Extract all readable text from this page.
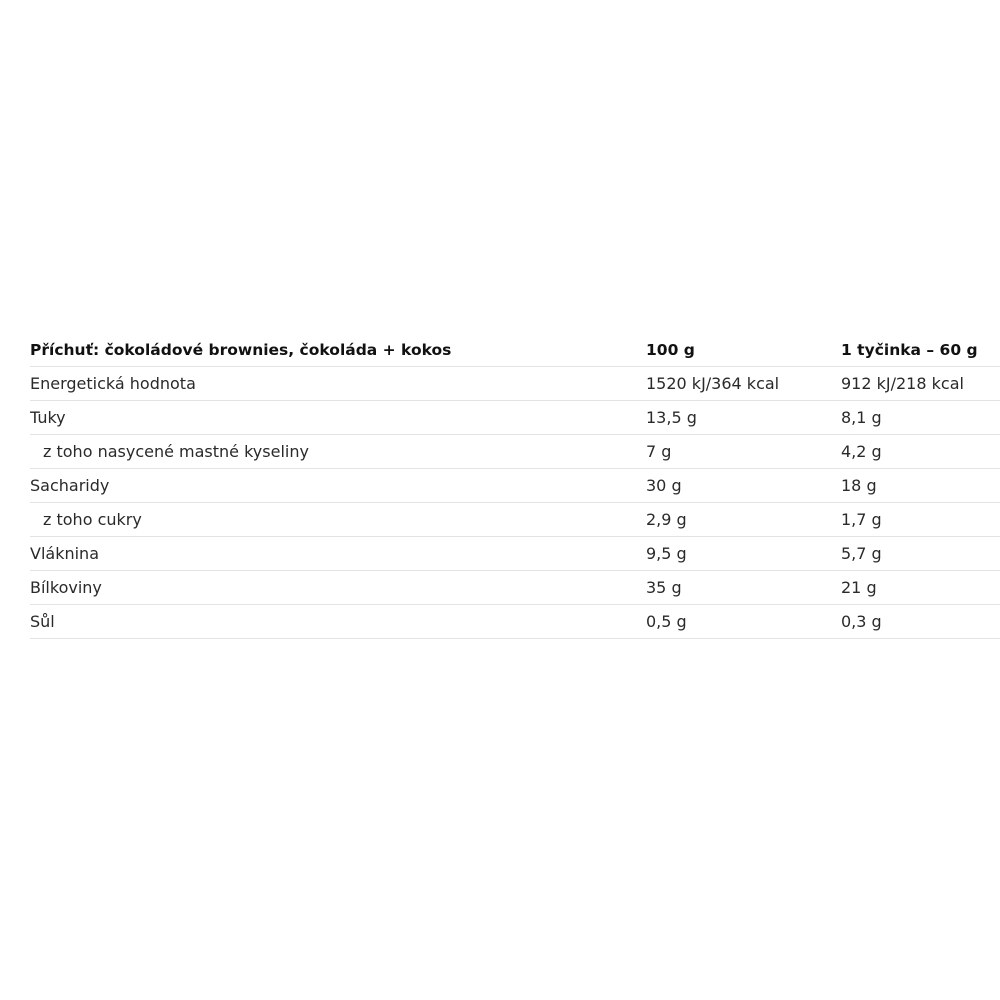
Příchuť: čokoládové brownies, čokoláda + kokos	100 g	1 tyčinka – 60 g
Energetická hodnota	1520 kJ/364 kcal	912 kJ/218 kcal
Tuky	13,5 g	8,1 g
z toho nasycené mastné kyseliny	7 g	4,2 g
Sacharidy	30 g	18 g
z toho cukry	2,9 g	1,7 g
Vláknina	9,5 g	5,7 g
Bílkoviny	35 g	21 g
Sůl	0,5 g	0,3 g
